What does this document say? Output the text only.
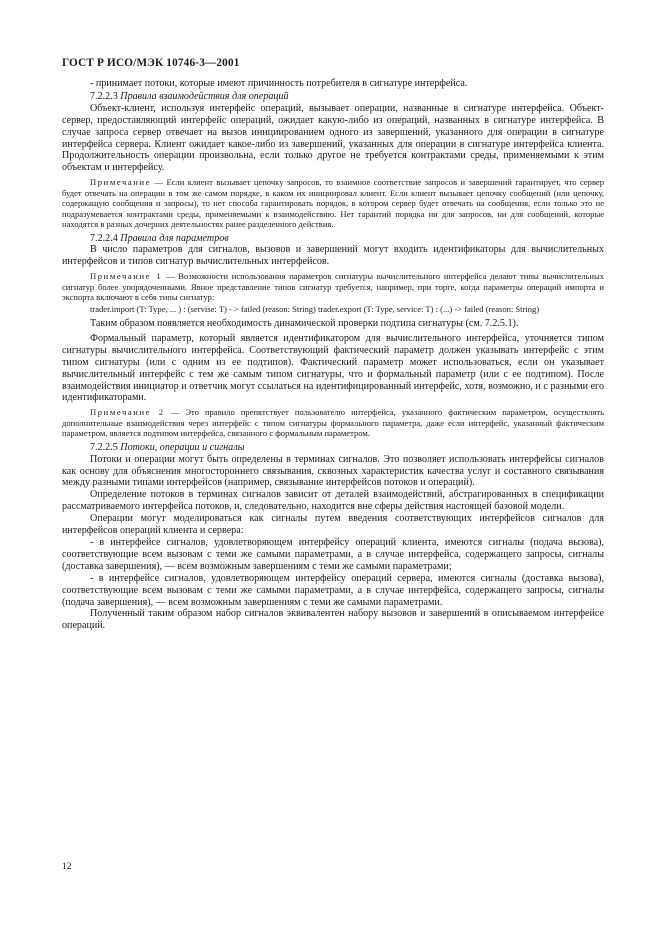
ГОСТ Р ИСО/МЭК 10746-3—2001

- принимает потоки, которые имеют причинность потребителя в сигнатуре интерфейса.

7.2.2.3 Правила взаимодействия для операций

Объект-клиент, используя интерфейс операций, вызывает операции, названные в сигнатуре интерфейса. Объект-сервер, предоставляющий интерфейс операций, ожидает какую-либо из операций, названных в сигнатуре интерфейса. В случае запроса сервер отвечает на вызов инициированием одного из завершений, указанного для операции в сигнатуре интерфейса сервера. Клиент ожидает какое-либо из завершений, указанных для операции в сигнатуре интерфейса клиента. Продолжительность операции произвольна, если только другое не требуется контрактами среды, применяемыми к этим объектам и интерфейсу.

Примечание — Если клиент вызывает цепочку запросов, то взаимное соответствие запросов и завершений гарантирует, что сервер будет отвечать на операции в том же самом порядке, в каком их инициировал клиент. Если клиент вызывает цепочку сообщений (или цепочку, содержащую сообщения и запросы), то нет способа гарантировать порядок, в котором сервер будет отвечать на сообщения, если только это не подразумевается контрактами среды, применяемыми к взаимодействию. Нет гарантий порядка ни для запросов, ни для сообщений, которые находятся в разных дочерних деятельностях ранее разделенного действия.

7.2.2.4 Правила для параметров

В число параметров для сигналов, вызовов и завершений могут входить идентификаторы для вычислительных интерфейсов и типов сигнатур вычислительных интерфейсов.

Примечание 1 — Возможности использования параметров сигнатуры вычислительного интерфейса делают типы вычислительных сигнатур более упорядоченными. Явное представление типов сигнатур требуется, например, при торге, когда параметры операций импорта и экспорта включают в себя типы сигнатур:

trader.import (T: Type, ... ) : (servise: T) - > failed (reason: String) trader.export (T: Type, service: T) : (...) -> failed (reason: String)

Таким образом появляется необходимость динамической проверки подтипа сигнатуры (см. 7.2.5.1).

Формальный параметр, который является идентификатором для вычислительного интерфейса, уточняется типом сигнатуры вычислительного интерфейса. Соответствующий фактический параметр должен указывать интерфейс с этим типом сигнатуры (или с одним из ее подтипов). Фактический параметр может использоваться, если он указывает вычислительный интерфейс с тем же самым типом сигнатуры, что и формальный параметр (или с ее подтипом). После взаимодействия инициатор и ответчик могут ссылаться на идентифицированный интерфейс, хотя, возможно, и с разными его идентификаторами.

Примечание 2 — Это правило препятствует пользователю интерфейса, указанного фактическим параметром, осуществлять дополнительные взаимодействия через интерфейс с типом сигнатуры формального параметра, даже если интерфейс, указанный фактическим параметром, является подтипом интерфейса, связанного с формальным параметром.

7.2.2.5 Потоки, операции и сигналы

Потоки и операции могут быть определены в терминах сигналов. Это позволяет использовать интерфейсы сигналов как основу для объяснения многостороннего связывания, сквозных характеристик качества услуг и составного связывания между разными типами интерфейсов (например, связывание интерфейсов потоков и операций).

Определение потоков в терминах сигналов зависит от деталей взаимодействий, абстрагированных в спецификации рассматриваемого интерфейса потоков, и, следовательно, находится вне сферы действия настоящей базовой модели.

Операции могут моделироваться как сигналы путем введения соответствующих интерфейсов сигналов для интерфейсов операций клиента и сервера:

- в интерфейсе сигналов, удовлетворяющем интерфейсу операций клиента, имеются сигналы (подача вызова), соответствующие всем вызовам с теми же самыми параметрами, а в случае интерфейса, содержащего запросы, сигналы (доставка завершения), — всем возможным завершениям с теми же самыми параметрами;

- в интерфейсе сигналов, удовлетворяющем интерфейсу операций сервера, имеются сигналы (доставка вызова), соответствующие всем вызовам с теми же самыми параметрами, а в случае интерфейса, содержащего запросы, сигналы (подача завершения), — всем возможным завершениям с теми же самыми параметрами.

Полученный таким образом набор сигналов эквивалентен набору вызовов и завершений в описываемом интерфейсе операций.

12
